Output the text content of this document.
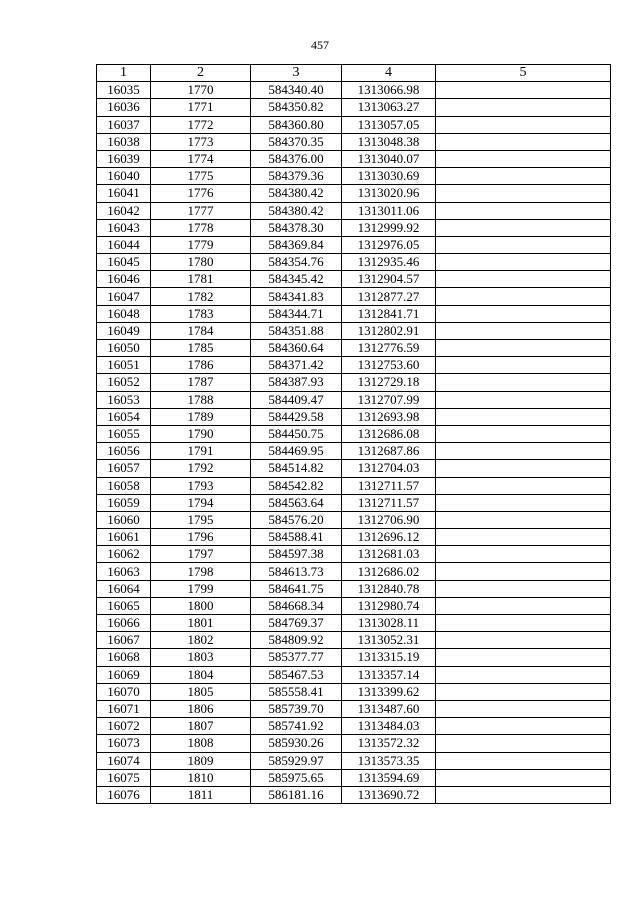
457
1	2	3	4	5
16035	1770	584340.40	1313066.98	
16036	1771	584350.82	1313063.27	
16037	1772	584360.80	1313057.05	
16038	1773	584370.35	1313048.38	
16039	1774	584376.00	1313040.07	
16040	1775	584379.36	1313030.69	
16041	1776	584380.42	1313020.96	
16042	1777	584380.42	1313011.06	
16043	1778	584378.30	1312999.92	
16044	1779	584369.84	1312976.05	
16045	1780	584354.76	1312935.46	
16046	1781	584345.42	1312904.57	
16047	1782	584341.83	1312877.27	
16048	1783	584344.71	1312841.71	
16049	1784	584351.88	1312802.91	
16050	1785	584360.64	1312776.59	
16051	1786	584371.42	1312753.60	
16052	1787	584387.93	1312729.18	
16053	1788	584409.47	1312707.99	
16054	1789	584429.58	1312693.98	
16055	1790	584450.75	1312686.08	
16056	1791	584469.95	1312687.86	
16057	1792	584514.82	1312704.03	
16058	1793	584542.82	1312711.57	
16059	1794	584563.64	1312711.57	
16060	1795	584576.20	1312706.90	
16061	1796	584588.41	1312696.12	
16062	1797	584597.38	1312681.03	
16063	1798	584613.73	1312686.02	
16064	1799	584641.75	1312840.78	
16065	1800	584668.34	1312980.74	
16066	1801	584769.37	1313028.11	
16067	1802	584809.92	1313052.31	
16068	1803	585377.77	1313315.19	
16069	1804	585467.53	1313357.14	
16070	1805	585558.41	1313399.62	
16071	1806	585739.70	1313487.60	
16072	1807	585741.92	1313484.03	
16073	1808	585930.26	1313572.32	
16074	1809	585929.97	1313573.35	
16075	1810	585975.65	1313594.69	
16076	1811	586181.16	1313690.72	
